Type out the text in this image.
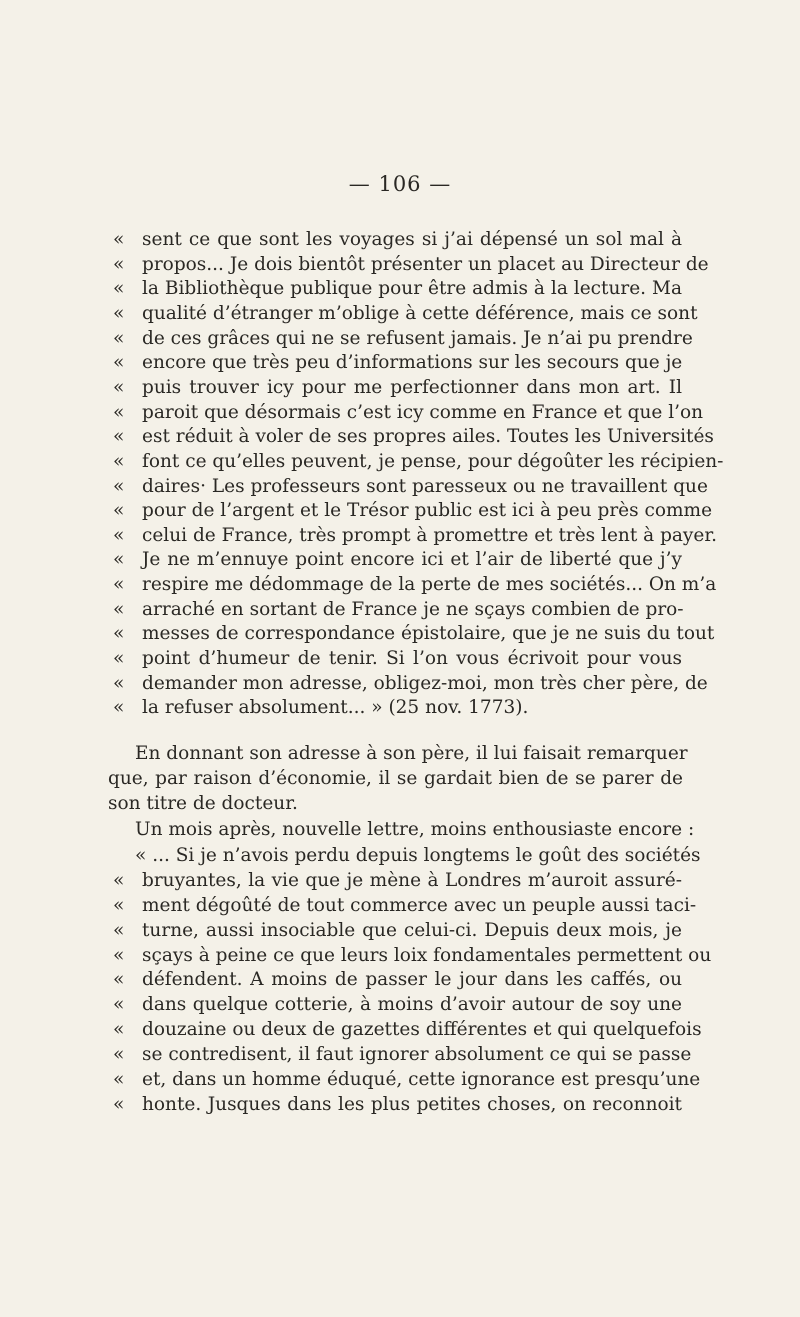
— 106 —
« sent ce que sont les voyages si j’ai dépensé un sol mal à
« propos... Je dois bientôt présenter un placet au Directeur de
« la Bibliothèque publique pour être admis à la lecture. Ma
« qualité d’étranger m’oblige à cette déférence, mais ce sont
« de ces grâces qui ne se refusent jamais. Je n’ai pu prendre
« encore que très peu d’informations sur les secours que je
« puis trouver icy pour me perfectionner dans mon art. Il
« paroit que désormais c’est icy comme en France et que l’on
« est réduit à voler de ses propres ailes. Toutes les Universités
« font ce qu’elles peuvent, je pense, pour dégoûter les récipien-
« daires· Les professeurs sont paresseux ou ne travaillent que
« pour de l’argent et le Trésor public est ici à peu près comme
« celui de France, très prompt à promettre et très lent à payer.
« Je ne m’ennuye point encore ici et l’air de liberté que j’y
« respire me dédommage de la perte de mes sociétés... On m’a
« arraché en sortant de France je ne sçays combien de pro-
« messes de correspondance épistolaire, que je ne suis du tout
« point d’humeur de tenir. Si l’on vous écrivoit pour vous
« demander mon adresse, obligez-moi, mon très cher père, de
« la refuser absolument... » (25 nov. 1773).
En donnant son adresse à son père, il lui faisait remarquer
que, par raison d’économie, il se gardait bien de se parer de
son titre de docteur.
Un mois après, nouvelle lettre, moins enthousiaste encore :
« ... Si je n’avois perdu depuis longtems le goût des sociétés
« bruyantes, la vie que je mène à Londres m’auroit assuré-
« ment dégoûté de tout commerce avec un peuple aussi taci-
« turne, aussi insociable que celui-ci. Depuis deux mois, je
« sçays à peine ce que leurs loix fondamentales permettent ou
« défendent. A moins de passer le jour dans les caffés, ou
« dans quelque cotterie, à moins d’avoir autour de soy une
« douzaine ou deux de gazettes différentes et qui quelquefois
« se contredisent, il faut ignorer absolument ce qui se passe
« et, dans un homme éduqué, cette ignorance est presqu’une
« honte. Jusques dans les plus petites choses, on reconnoit
